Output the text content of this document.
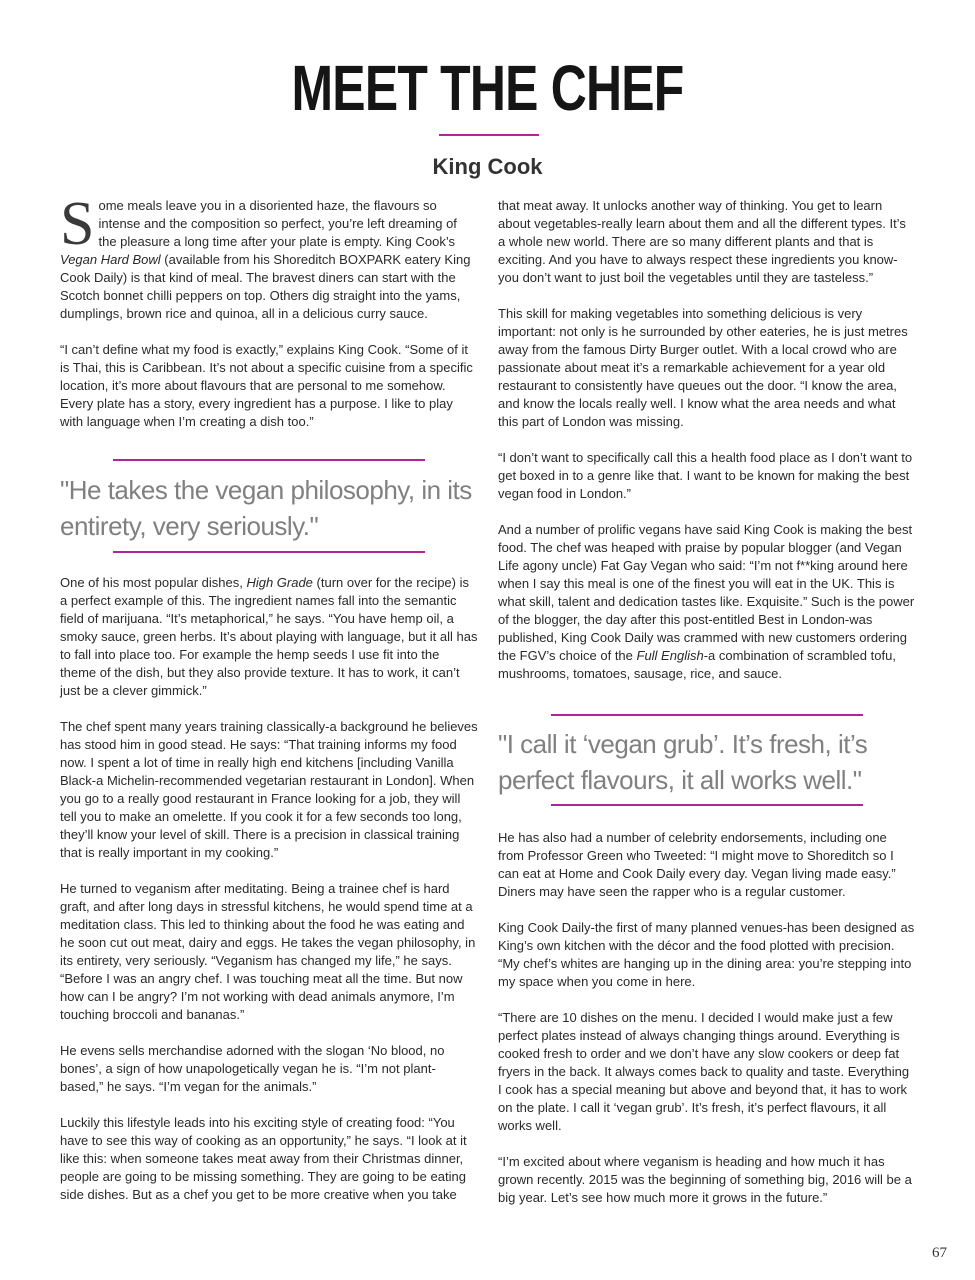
MEET THE CHEF
King Cook

Some meals leave you in a disoriented haze, the flavours so intense and the composition so perfect, you’re left dreaming of the pleasure a long time after your plate is empty. King Cook’s Vegan Hard Bowl (available from his Shoreditch BOXPARK eatery King Cook Daily) is that kind of meal. The bravest diners can start with the Scotch bonnet chilli peppers on top. Others dig straight into the yams, dumplings, brown rice and quinoa, all in a delicious curry sauce.

“I can’t define what my food is exactly,” explains King Cook. “Some of it is Thai, this is Caribbean. It’s not about a specific cuisine from a specific location, it’s more about flavours that are personal to me somehow. Every plate has a story, every ingredient has a purpose. I like to play with language when I’m creating a dish too.”

One of his most popular dishes, High Grade (turn over for the recipe) is a perfect example of this. The ingredient names fall into the semantic field of marijuana. “It’s metaphorical,” he says. “You have hemp oil, a smoky sauce, green herbs. It’s about playing with language, but it all has to fall into place too. For example the hemp seeds I use fit into the theme of the dish, but they also provide texture. It has to work, it can’t just be a clever gimmick.”

The chef spent many years training classically-a background he believes has stood him in good stead. He says: “That training informs my food now. I spent a lot of time in really high end kitchens [including Vanilla Black-a Michelin-recommended vegetarian restaurant in London]. When you go to a really good restaurant in France looking for a job, they will tell you to make an omelette. If you cook it for a few seconds too long, they’ll know your level of skill. There is a precision in classical training that is really important in my cooking.”

He turned to veganism after meditating. Being a trainee chef is hard graft, and after long days in stressful kitchens, he would spend time at a meditation class. This led to thinking about the food he was eating and he soon cut out meat, dairy and eggs. He takes the vegan philosophy, in its entirety, very seriously. “Veganism has changed my life,” he says. “Before I was an angry chef. I was touching meat all the time. But now how can I be angry? I’m not working with dead animals anymore, I’m touching broccoli and bananas.”

He evens sells merchandise adorned with the slogan ‘No blood, no bones’, a sign of how unapologetically vegan he is. “I’m not plant-based,” he says. “I’m vegan for the animals.”

Luckily this lifestyle leads into his exciting style of creating food: “You have to see this way of cooking as an opportunity,” he says. “I look at it like this: when someone takes meat away from their Christmas dinner, people are going to be missing something. They are going to be eating side dishes. But as a chef you get to be more creative when you take

"He takes the vegan philosophy, in its entirety, very seriously."

that meat away. It unlocks another way of thinking. You get to learn about vegetables-really learn about them and all the different types. It’s a whole new world. There are so many different plants and that is exciting. And you have to always respect these ingredients you know-you don’t want to just boil the vegetables until they are tasteless.”

This skill for making vegetables into something delicious is very important: not only is he surrounded by other eateries, he is just metres away from the famous Dirty Burger outlet. With a local crowd who are passionate about meat it’s a remarkable achievement for a year old restaurant to consistently have queues out the door. “I know the area, and know the locals really well. I know what the area needs and what this part of London was missing.

“I don’t want to specifically call this a health food place as I don’t want to get boxed in to a genre like that. I want to be known for making the best vegan food in London.”

And a number of prolific vegans have said King Cook is making the best food. The chef was heaped with praise by popular blogger (and Vegan Life agony uncle) Fat Gay Vegan who said: “I’m not f**king around here when I say this meal is one of the finest you will eat in the UK. This is what skill, talent and dedication tastes like. Exquisite.” Such is the power of the blogger, the day after this post-entitled Best in London-was published, King Cook Daily was crammed with new customers ordering the FGV’s choice of the Full English-a combination of scrambled tofu, mushrooms, tomatoes, sausage, rice, and sauce.

He has also had a number of celebrity endorsements, including one from Professor Green who Tweeted: “I might move to Shoreditch so I can eat at Home and Cook Daily every day. Vegan living made easy.” Diners may have seen the rapper who is a regular customer.

King Cook Daily-the first of many planned venues-has been designed as King’s own kitchen with the décor and the food plotted with precision. “My chef’s whites are hanging up in the dining area: you’re stepping into my space when you come in here.

“There are 10 dishes on the menu. I decided I would make just a few perfect plates instead of always changing things around. Everything is cooked fresh to order and we don’t have any slow cookers or deep fat fryers in the back. It always comes back to quality and taste. Everything I cook has a special meaning but above and beyond that, it has to work on the plate. I call it ‘vegan grub’. It’s fresh, it’s perfect flavours, it all works well.

“I’m excited about where veganism is heading and how much it has grown recently. 2015 was the beginning of something big, 2016 will be a big year. Let’s see how much more it grows in the future.”

"I call it ‘vegan grub’. It’s fresh, it’s perfect flavours, it all works well."

67
